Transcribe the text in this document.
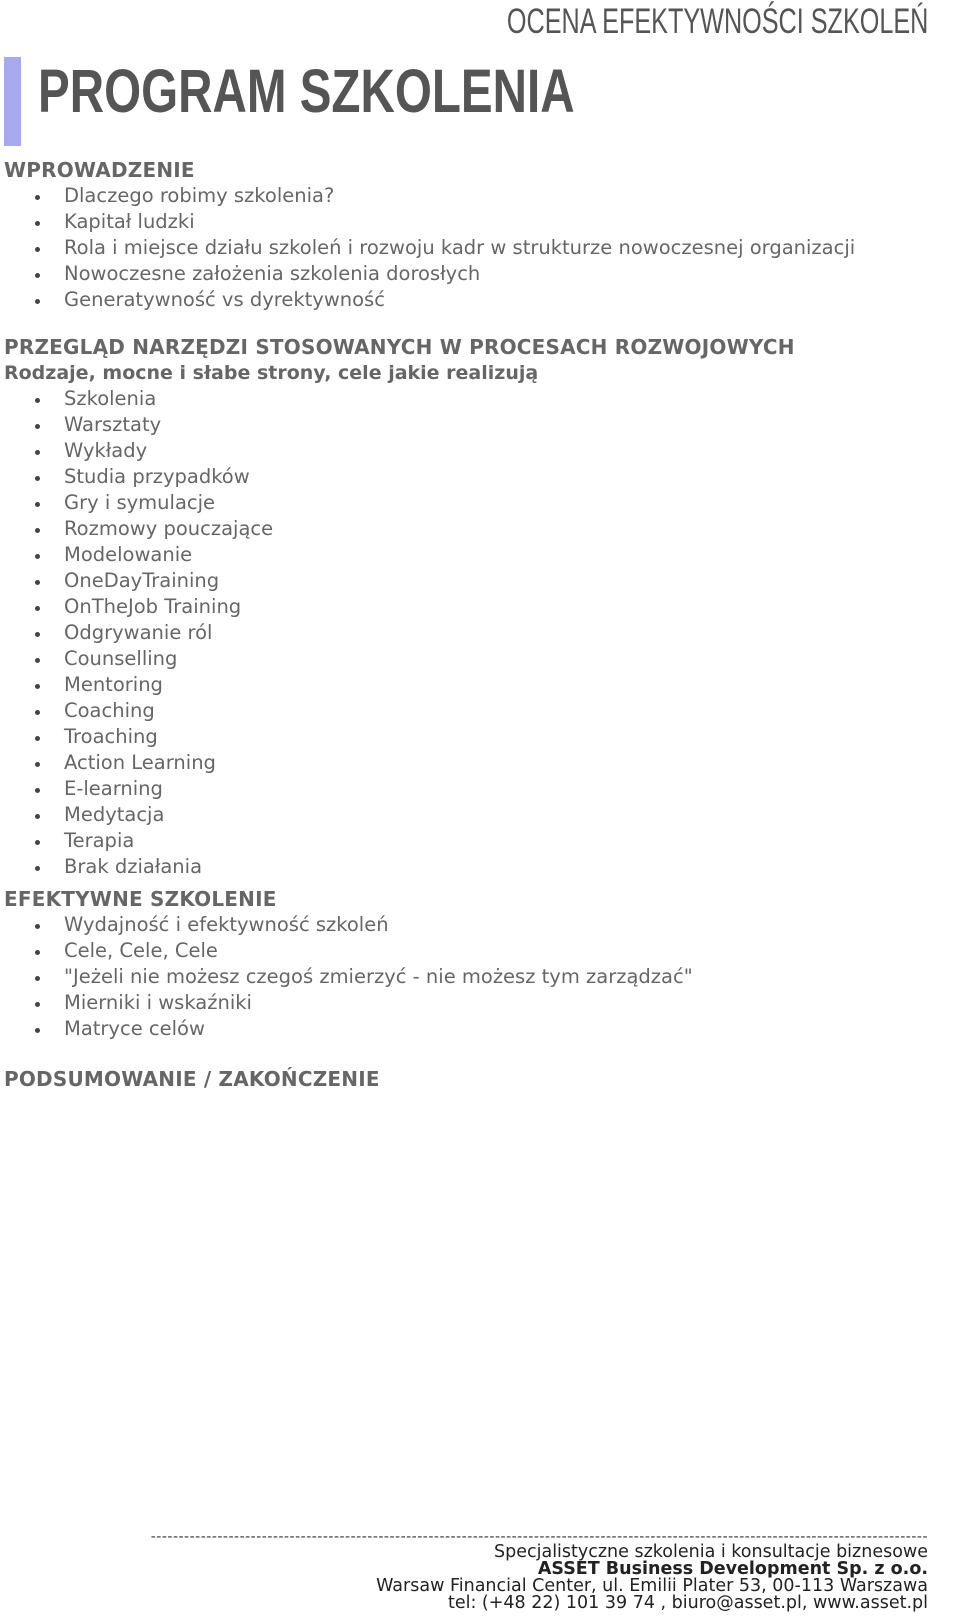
OCENA EFEKTYWNOŚCI SZKOLEŃ
PROGRAM SZKOLENIA
WPROWADZENIE
Dlaczego robimy szkolenia?
Kapitał ludzki
Rola i miejsce działu szkoleń i rozwoju kadr w strukturze nowoczesnej organizacji
Nowoczesne założenia szkolenia dorosłych
Generatywność vs dyrektywność
PRZEGLĄD NARZĘDZI STOSOWANYCH W PROCESACH ROZWOJOWYCH
Rodzaje, mocne i słabe strony, cele jakie realizują
Szkolenia
Warsztaty
Wykłady
Studia przypadków
Gry i symulacje
Rozmowy pouczające
Modelowanie
OneDayTraining
OnTheJob Training
Odgrywanie ról
Counselling
Mentoring
Coaching
Troaching
Action Learning
E-learning
Medytacja
Terapia
Brak działania
EFEKTYWNE SZKOLENIE
Wydajność i efektywność szkoleń
Cele, Cele, Cele
"Jeżeli nie możesz czegoś zmierzyć - nie możesz tym zarządzać"
Mierniki i wskaźniki
Matryce celów
PODSUMOWANIE / ZAKOŃCZENIE
--------------------------------------------------------------------------------------------------------------------------------------------
Specjalistyczne szkolenia i konsultacje biznesowe
ASSET Business Development Sp. z o.o.
Warsaw Financial Center, ul. Emilii Plater 53, 00-113 Warszawa
tel: (+48 22) 101 39 74 , biuro@asset.pl, www.asset.pl
